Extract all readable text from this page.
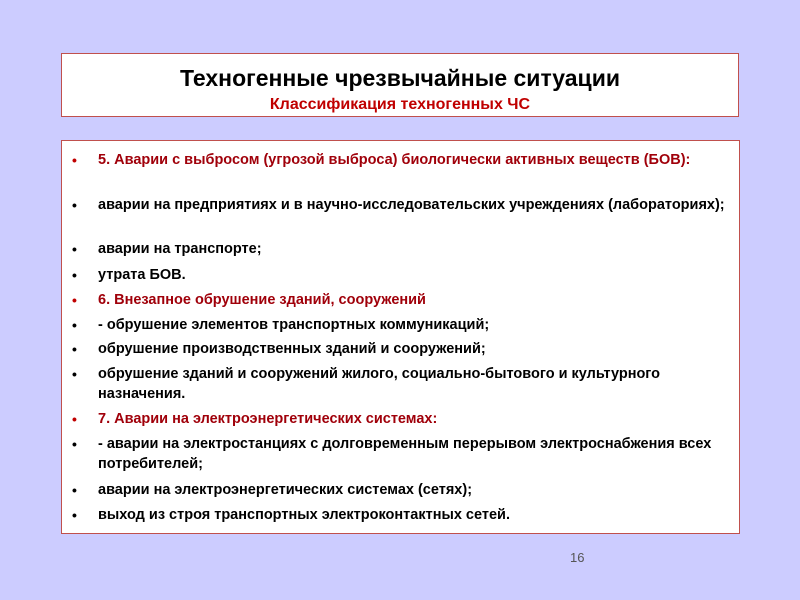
Техногенные чрезвычайные ситуации
Классификация техногенных ЧС
•	5. Аварии с выбросом (угрозой выброса) биологически активных веществ (БОВ):
•	аварии на предприятиях и в научно-исследовательских учреждениях (лабораториях);
•	аварии на транспорте;
•	утрата БОВ.
•	6. Внезапное обрушение зданий, сооружений
•	- обрушение элементов транспортных коммуникаций;
•	обрушение производственных зданий и сооружений;
•	обрушение зданий и сооружений жилого, социально-бытового и культурного назначения.
•	7. Аварии на электроэнергетических системах:
•	- аварии на электростанциях с долговременным перерывом электроснабжения всех потребителей;
•	аварии на электроэнергетических системах (сетях);
•	выход из строя транспортных электроконтактных сетей.
16
